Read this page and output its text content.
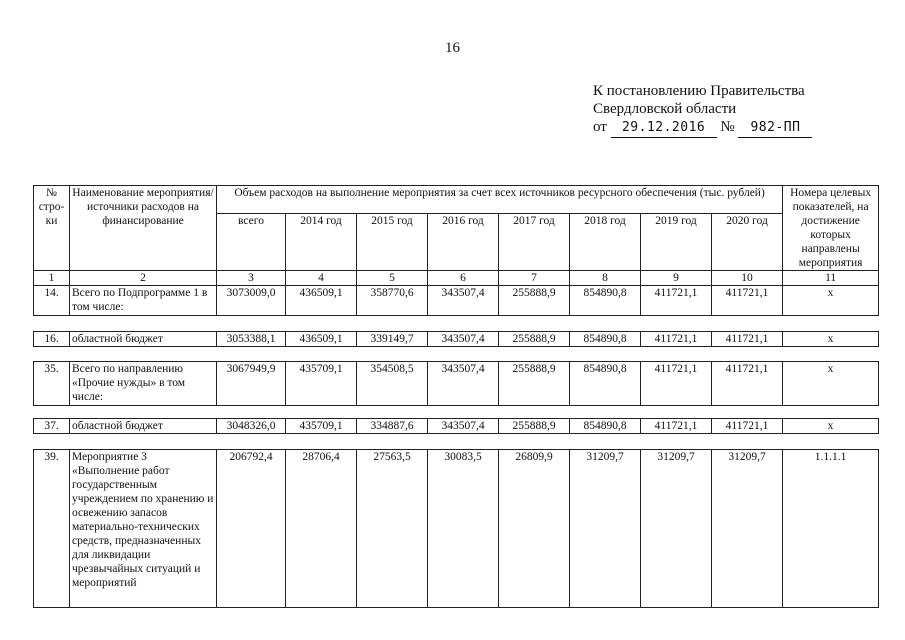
16
К постановлению Правительства
Свердловской области
от 29.12.2016 № 982-ПП
№ стро-ки	Наименование мероприятия/ источники расходов на финансирование	Объем расходов на выполнение мероприятия за счет всех источников ресурсного обеспечения (тыс. рублей)								Номера целевых показателей, на достижение которых направлены мероприятия
		всего	2014 год	2015 год	2016 год	2017 год	2018 год	2019 год	2020 год	
1	2	3	4	5	6	7	8	9	10	11
14.	Всего по Подпрограмме 1 в том числе:	3073009,0	436509,1	358770,6	343507,4	255888,9	854890,8	411721,1	411721,1	x
16.	областной бюджет	3053388,1	436509,1	339149,7	343507,4	255888,9	854890,8	411721,1	411721,1	x
35.	Всего по направлению «Прочие нужды» в том числе:	3067949,9	435709,1	354508,5	343507,4	255888,9	854890,8	411721,1	411721,1	x
37.	областной бюджет	3048326,0	435709,1	334887,6	343507,4	255888,9	854890,8	411721,1	411721,1	x
39.	Мероприятие 3 «Выполнение работ государственным учреждением по хранению и освежению запасов материально-технических средств, предназначенных для ликвидации чрезвычайных ситуаций и мероприятий	206792,4	28706,4	27563,5	30083,5	26809,9	31209,7	31209,7	31209,7	1.1.1.1
